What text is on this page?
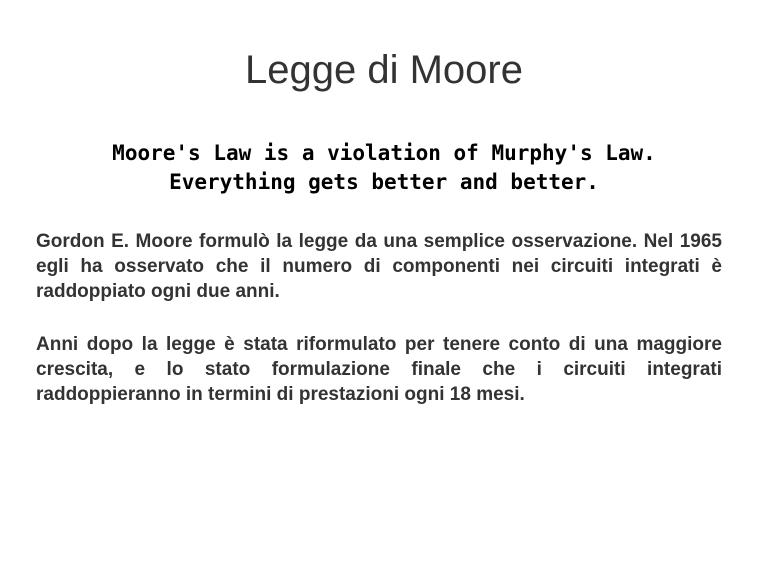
Legge di Moore
Moore's Law is a violation of Murphy's Law.
Everything gets better and better.

Gordon E. Moore formulò la legge da una semplice osservazione. Nel 1965 egli ha osservato che il numero di componenti nei circuiti integrati è raddoppiato ogni due anni.

Anni dopo la legge è stata riformulato per tenere conto di una maggiore crescita, e lo stato formulazione finale che i circuiti integrati raddoppieranno in termini di prestazioni ogni 18 mesi.
